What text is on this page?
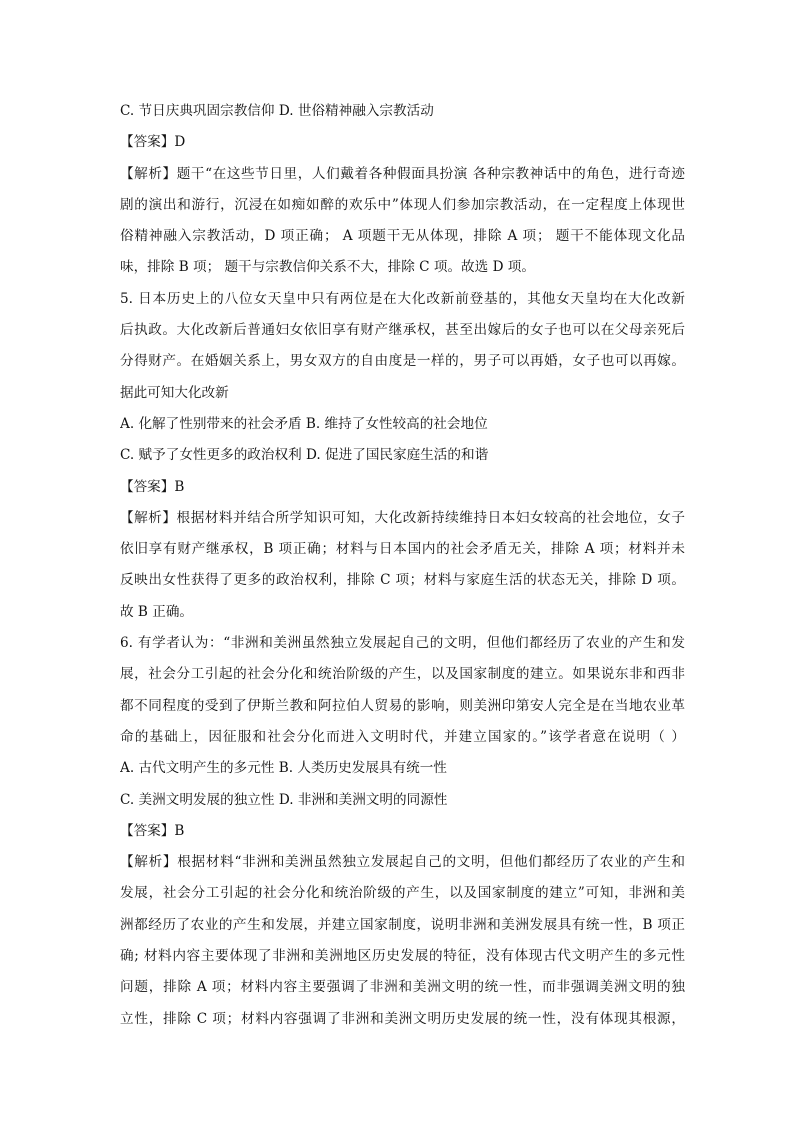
C. 节日庆典巩固宗教信仰 D. 世俗精神融入宗教活动

【答案】D

【解析】题干“在这些节日里，人们戴着各种假面具扮演 各种宗教神话中的角色，进行奇迹

剧的演出和游行，沉浸在如痴如醉的欢乐中”体现人们参加宗教活动，在一定程度上体现世

俗精神融入宗教活动，D 项正确； A 项题干无从体现，排除 A 项； 题干不能体现文化品

味，排除 B 项； 题干与宗教信仰关系不大，排除 C 项。故选 D 项。

5. 日本历史上的八位女天皇中只有两位是在大化改新前登基的，其他女天皇均在大化改新

后执政。大化改新后普通妇女依旧享有财产继承权，甚至出嫁后的女子也可以在父母亲死后

分得财产。在婚姻关系上，男女双方的自由度是一样的，男子可以再婚，女子也可以再嫁。

据此可知大化改新

A. 化解了性别带来的社会矛盾 B. 维持了女性较高的社会地位

C. 赋予了女性更多的政治权利 D. 促进了国民家庭生活的和谐

【答案】B

【解析】根据材料并结合所学知识可知，大化改新持续维持日本妇女较高的社会地位，女子

依旧享有财产继承权，B 项正确；材料与日本国内的社会矛盾无关，排除 A 项；材料并未

反映出女性获得了更多的政治权利，排除 C 项；材料与家庭生活的状态无关，排除 D 项。

故 B 正确。

6. 有学者认为：“非洲和美洲虽然独立发展起自己的文明，但他们都经历了农业的产生和发

展，社会分工引起的社会分化和统治阶级的产生，以及国家制度的建立。如果说东非和西非

都不同程度的受到了伊斯兰教和阿拉伯人贸易的影响，则美洲印第安人完全是在当地农业革

命的基础上，因征服和社会分化而进入文明时代，并建立国家的。”该学者意在说明（ ）

A. 古代文明产生的多元性 B. 人类历史发展具有统一性

C. 美洲文明发展的独立性 D. 非洲和美洲文明的同源性

【答案】B

【解析】根据材料“非洲和美洲虽然独立发展起自己的文明，但他们都经历了农业的产生和

发展，社会分工引起的社会分化和统治阶级的产生，以及国家制度的建立”可知，非洲和美

洲都经历了农业的产生和发展，并建立国家制度，说明非洲和美洲发展具有统一性，B 项正

确; 材料内容主要体现了非洲和美洲地区历史发展的特征，没有体现古代文明产生的多元性

问题，排除 A 项；材料内容主要强调了非洲和美洲文明的统一性，而非强调美洲文明的独

立性，排除 C 项；材料内容强调了非洲和美洲文明历史发展的统一性，没有体现其根源，
